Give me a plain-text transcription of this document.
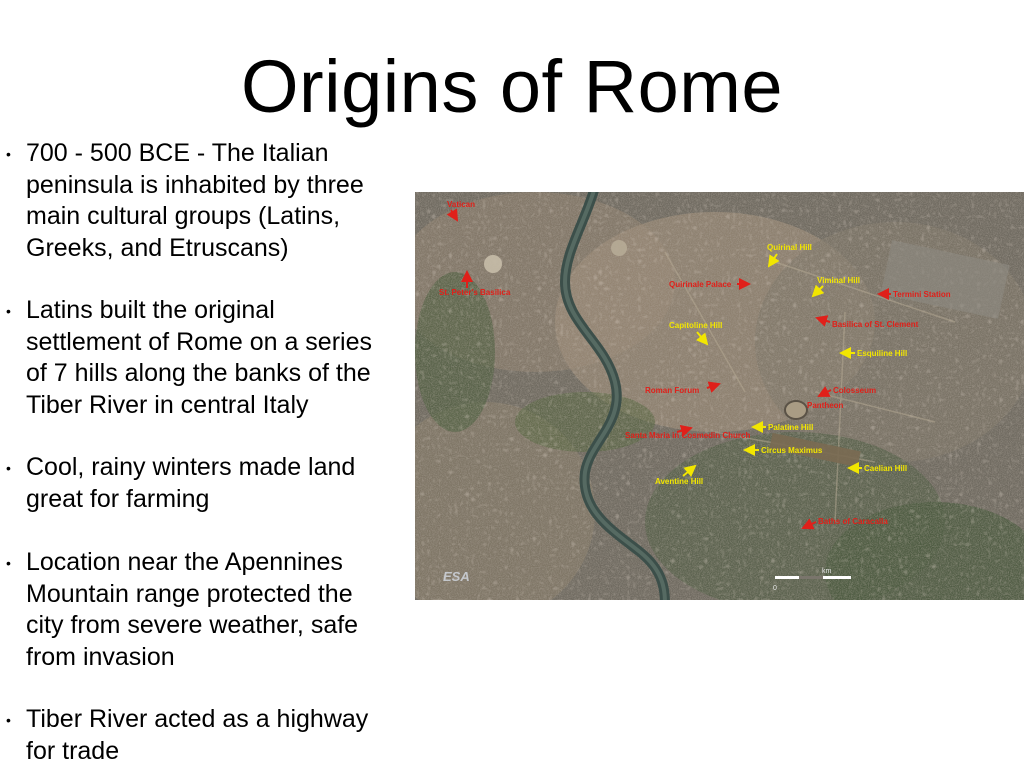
Origins of Rome
• 700 - 500 BCE - The Italian
peninsula is inhabited by three
main cultural groups (Latins,
Greeks, and Etruscans)
• Latins built the original
settlement of Rome on a series
of 7 hills along the banks of the
Tiber River in central Italy
• Cool, rainy winters made land
great for farming
• Location near the Apennines
Mountain range protected the
city from severe weather, safe
from invasion
• Tiber River acted as a highway
for trade
Quirinal Hill
Viminal Hill
Capitoline Hill
Esquiline Hill
Palatine Hill
Caelian Hill
Aventine Hill
Vatican
St. Peter's Basilica
Quirinale Palace
Termini Station
Basilica of St. Clement
Roman Forum	Colosseum
Circus Maximus
Santa Maria in Cosmedin Church
Baths of Caracalla
Pantheon
ESA	km
0
